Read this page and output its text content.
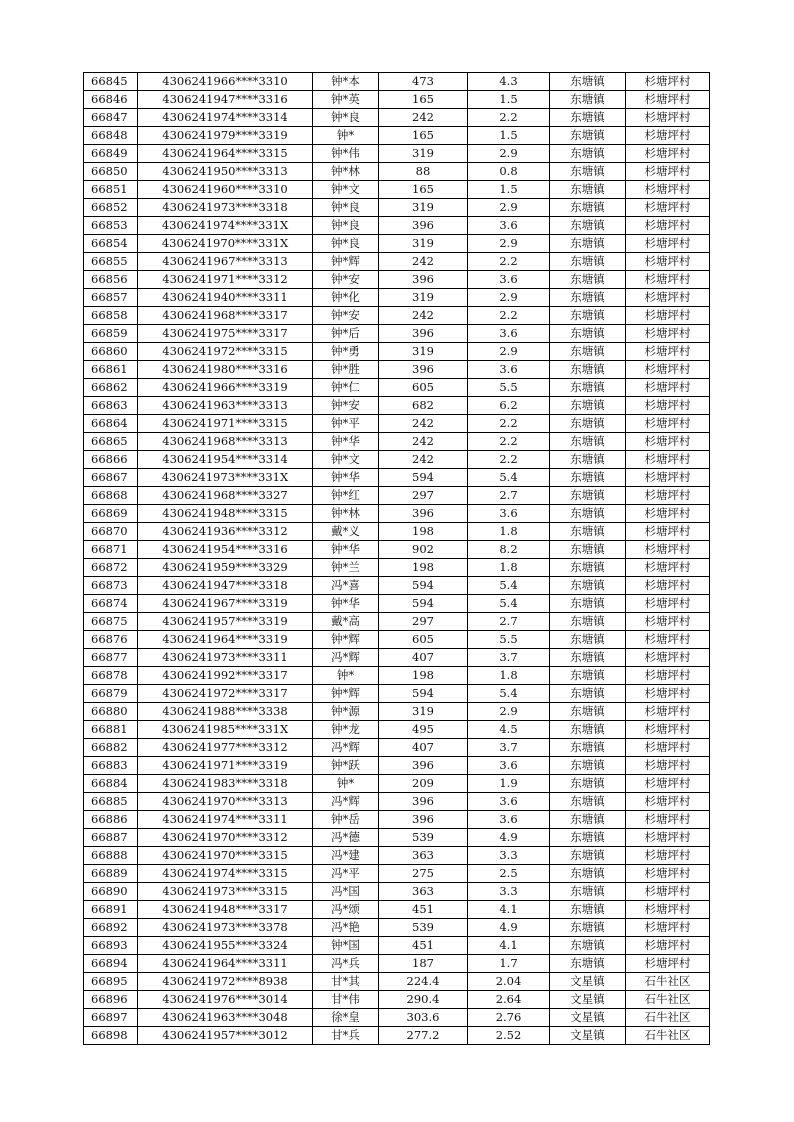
66845	4306241966****3310	钟*本	473	4.3	东塘镇	杉塘坪村
66846	4306241947****3316	钟*英	165	1.5	东塘镇	杉塘坪村
66847	4306241974****3314	钟*良	242	2.2	东塘镇	杉塘坪村
66848	4306241979****3319	钟*	165	1.5	东塘镇	杉塘坪村
66849	4306241964****3315	钟*伟	319	2.9	东塘镇	杉塘坪村
66850	4306241950****3313	钟*林	88	0.8	东塘镇	杉塘坪村
66851	4306241960****3310	钟*文	165	1.5	东塘镇	杉塘坪村
66852	4306241973****3318	钟*良	319	2.9	东塘镇	杉塘坪村
66853	4306241974****331X	钟*良	396	3.6	东塘镇	杉塘坪村
66854	4306241970****331X	钟*良	319	2.9	东塘镇	杉塘坪村
66855	4306241967****3313	钟*辉	242	2.2	东塘镇	杉塘坪村
66856	4306241971****3312	钟*安	396	3.6	东塘镇	杉塘坪村
66857	4306241940****3311	钟*化	319	2.9	东塘镇	杉塘坪村
66858	4306241968****3317	钟*安	242	2.2	东塘镇	杉塘坪村
66859	4306241975****3317	钟*后	396	3.6	东塘镇	杉塘坪村
66860	4306241972****3315	钟*勇	319	2.9	东塘镇	杉塘坪村
66861	4306241980****3316	钟*胜	396	3.6	东塘镇	杉塘坪村
66862	4306241966****3319	钟*仁	605	5.5	东塘镇	杉塘坪村
66863	4306241963****3313	钟*安	682	6.2	东塘镇	杉塘坪村
66864	4306241971****3315	钟*平	242	2.2	东塘镇	杉塘坪村
66865	4306241968****3313	钟*华	242	2.2	东塘镇	杉塘坪村
66866	4306241954****3314	钟*文	242	2.2	东塘镇	杉塘坪村
66867	4306241973****331X	钟*华	594	5.4	东塘镇	杉塘坪村
66868	4306241968****3327	钟*红	297	2.7	东塘镇	杉塘坪村
66869	4306241948****3315	钟*林	396	3.6	东塘镇	杉塘坪村
66870	4306241936****3312	戴*义	198	1.8	东塘镇	杉塘坪村
66871	4306241954****3316	钟*华	902	8.2	东塘镇	杉塘坪村
66872	4306241959****3329	钟*兰	198	1.8	东塘镇	杉塘坪村
66873	4306241947****3318	冯*喜	594	5.4	东塘镇	杉塘坪村
66874	4306241967****3319	钟*华	594	5.4	东塘镇	杉塘坪村
66875	4306241957****3319	戴*高	297	2.7	东塘镇	杉塘坪村
66876	4306241964****3319	钟*辉	605	5.5	东塘镇	杉塘坪村
66877	4306241973****3311	冯*辉	407	3.7	东塘镇	杉塘坪村
66878	4306241992****3317	钟*	198	1.8	东塘镇	杉塘坪村
66879	4306241972****3317	钟*辉	594	5.4	东塘镇	杉塘坪村
66880	4306241988****3338	钟*源	319	2.9	东塘镇	杉塘坪村
66881	4306241985****331X	钟*龙	495	4.5	东塘镇	杉塘坪村
66882	4306241977****3312	冯*辉	407	3.7	东塘镇	杉塘坪村
66883	4306241971****3319	钟*跃	396	3.6	东塘镇	杉塘坪村
66884	4306241983****3318	钟*	209	1.9	东塘镇	杉塘坪村
66885	4306241970****3313	冯*辉	396	3.6	东塘镇	杉塘坪村
66886	4306241974****3311	钟*岳	396	3.6	东塘镇	杉塘坪村
66887	4306241970****3312	冯*德	539	4.9	东塘镇	杉塘坪村
66888	4306241970****3315	冯*建	363	3.3	东塘镇	杉塘坪村
66889	4306241974****3315	冯*平	275	2.5	东塘镇	杉塘坪村
66890	4306241973****3315	冯*国	363	3.3	东塘镇	杉塘坪村
66891	4306241948****3317	冯*颂	451	4.1	东塘镇	杉塘坪村
66892	4306241973****3378	冯*艳	539	4.9	东塘镇	杉塘坪村
66893	4306241955****3324	钟*国	451	4.1	东塘镇	杉塘坪村
66894	4306241964****3311	冯*兵	187	1.7	东塘镇	杉塘坪村
66895	4306241972****8938	甘*其	224.4	2.04	文星镇	石牛社区
66896	4306241976****3014	甘*伟	290.4	2.64	文星镇	石牛社区
66897	4306241963****3048	徐*皇	303.6	2.76	文星镇	石牛社区
66898	4306241957****3012	甘*兵	277.2	2.52	文星镇	石牛社区
